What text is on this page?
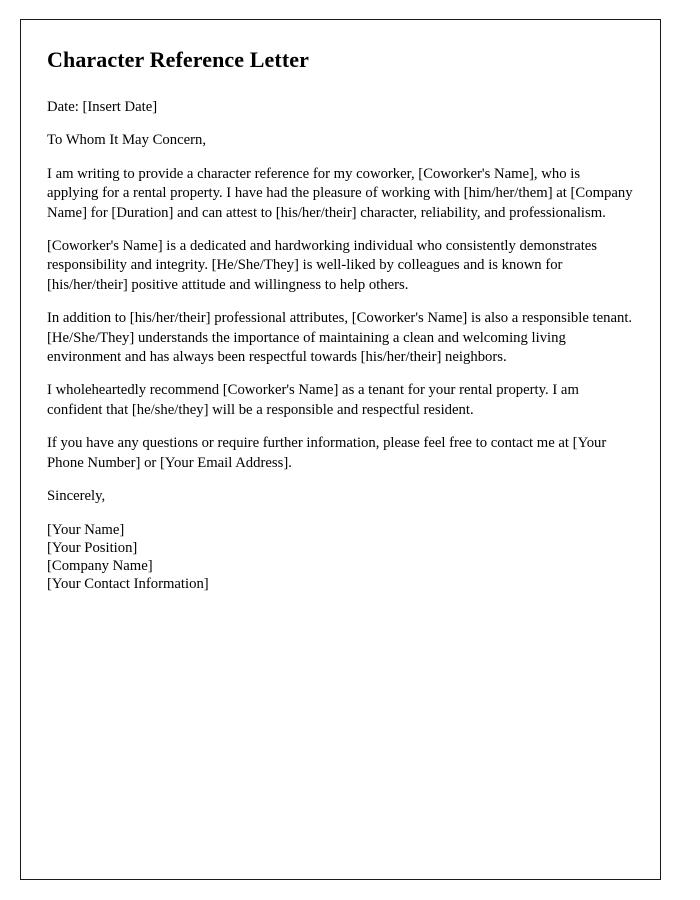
Character Reference Letter

Date: [Insert Date]

To Whom It May Concern,

I am writing to provide a character reference for my coworker, [Coworker's Name], who is applying for a rental property. I have had the pleasure of working with [him/her/them] at [Company Name] for [Duration] and can attest to [his/her/their] character, reliability, and professionalism.

[Coworker's Name] is a dedicated and hardworking individual who consistently demonstrates responsibility and integrity. [He/She/They] is well-liked by colleagues and is known for [his/her/their] positive attitude and willingness to help others.

In addition to [his/her/their] professional attributes, [Coworker's Name] is also a responsible tenant. [He/She/They] understands the importance of maintaining a clean and welcoming living environment and has always been respectful towards [his/her/their] neighbors.

I wholeheartedly recommend [Coworker's Name] as a tenant for your rental property. I am confident that [he/she/they] will be a responsible and respectful resident.

If you have any questions or require further information, please feel free to contact me at [Your Phone Number] or [Your Email Address].

Sincerely,

[Your Name]

[Your Position]

[Company Name]

[Your Contact Information]
